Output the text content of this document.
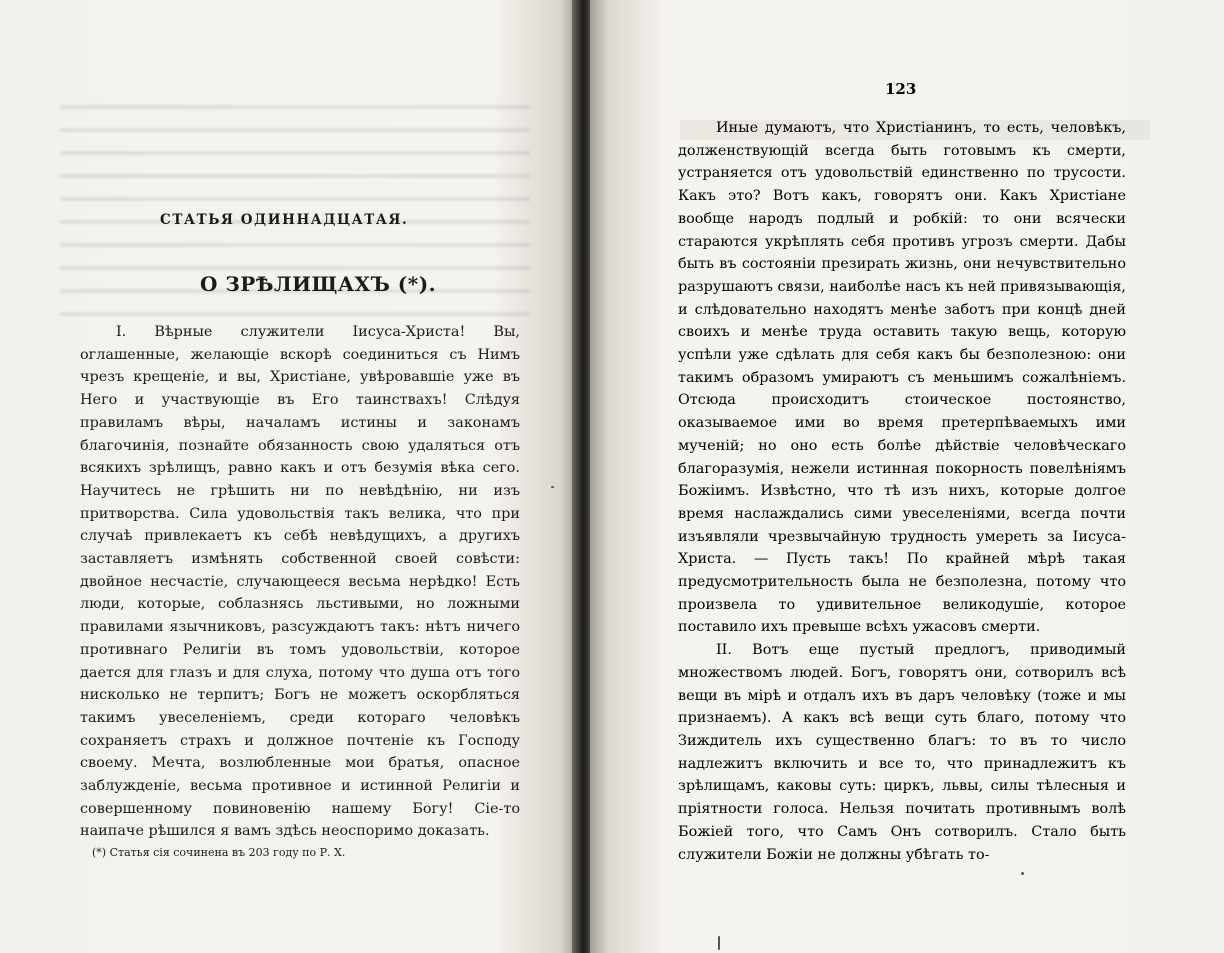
СТАТЬЯ ОДИННАДЦАТАЯ.
О ЗРѢЛИЩАХЪ (*).

I. Вѣрные служители Iисуса-Христа! Вы, оглашенные, желающіе вскорѣ соединиться съ Нимъ чрезъ крещеніе, и вы, Христіане, увѣровавшіе уже въ Него и участвующіе въ Его таинствахъ! Слѣдуя правиламъ вѣры, началамъ истины и законамъ благочинія, познайте обязанность свою удаляться отъ всякихъ зрѣлищъ, равно какъ и отъ безумія вѣка сего. Научитесь не грѣшить ни по невѣдѣнію, ни изъ притворства. Сила удовольствія такъ велика, что при случаѣ привлекаетъ къ себѣ невѣдущихъ, а другихъ заставляетъ измѣнять собственной своей совѣсти: двойное несчастіе, случающееся весьма нерѣдко! Есть люди, которые, соблазнясь льстивыми, но ложными правилами язычниковъ, разсуждаютъ такъ: нѣтъ ничего противнаго Религіи въ томъ удовольствіи, которое дается для глазъ и для слуха, потому что душа отъ того нисколько не терпитъ; Богъ не можетъ оскорбляться такимъ увеселеніемъ, среди котораго человѣкъ сохраняетъ страхъ и должное почтеніе къ Господу своему. Мечта, возлюбленные мои братья, опасное заблужденіе, весьма противное и истинной Религіи и совершенному повиновенію нашему Богу! Сіе-то наипаче рѣшился я вамъ здѣсь неоспоримо доказать.

(*) Статья сія сочинена въ 203 году по Р. Х.
123

Иные думаютъ, что Христіанинъ, то есть, человѣкъ, долженствующій всегда быть готовымъ къ смерти, устраняется отъ удовольствій единственно по трусости. Какъ это? Вотъ какъ, говорятъ они. Какъ Христіане вообще народъ подлый и робкій: то они всячески стараются укрѣплять себя противъ угрозъ смерти. Дабы быть въ состояніи презирать жизнь, они нечувствительно разрушаютъ связи, наиболѣе насъ къ ней привязывающія, и слѣдовательно находятъ менѣе заботъ при концѣ дней своихъ и менѣе труда оставить такую вещь, которую успѣли уже сдѣлать для себя какъ бы безполезною: они такимъ образомъ умираютъ съ меньшимъ сожалѣніемъ. Отсюда происходитъ стоическое постоянство, оказываемое ими во время претерпѣваемыхъ ими мученій; но оно есть болѣе дѣйствіе человѣческаго благоразумія, нежели истинная покорность повелѣніямъ Божіимъ. Извѣстно, что тѣ изъ нихъ, которые долгое время наслаждались сими увеселеніями, всегда почти изъявляли чрезвычайную трудность умереть за Iисуса-Христа. — Пусть такъ! По крайней мѣрѣ такая предусмотрительность была не безполезна, потому что произвела то удивительное великодушіе, которое поставило ихъ превыше всѣхъ ужасовъ смерти.

II. Вотъ еще пустый предлогъ, приводимый множествомъ людей. Богъ, говорятъ они, сотворилъ всѣ вещи въ мірѣ и отдалъ ихъ въ даръ человѣку (тоже и мы признаемъ). А какъ всѣ вещи суть благо, потому что Зиждитель ихъ существенно благъ: то въ то число надлежитъ включить и все то, что принадлежитъ къ зрѣлищамъ, каковы суть: циркъ, львы, силы тѣлесныя и пріятности голоса. Нельзя почитать противнымъ волѣ Божіей того, что Самъ Онъ сотворилъ. Стало быть служители Божіи не должны убѣгать то-
